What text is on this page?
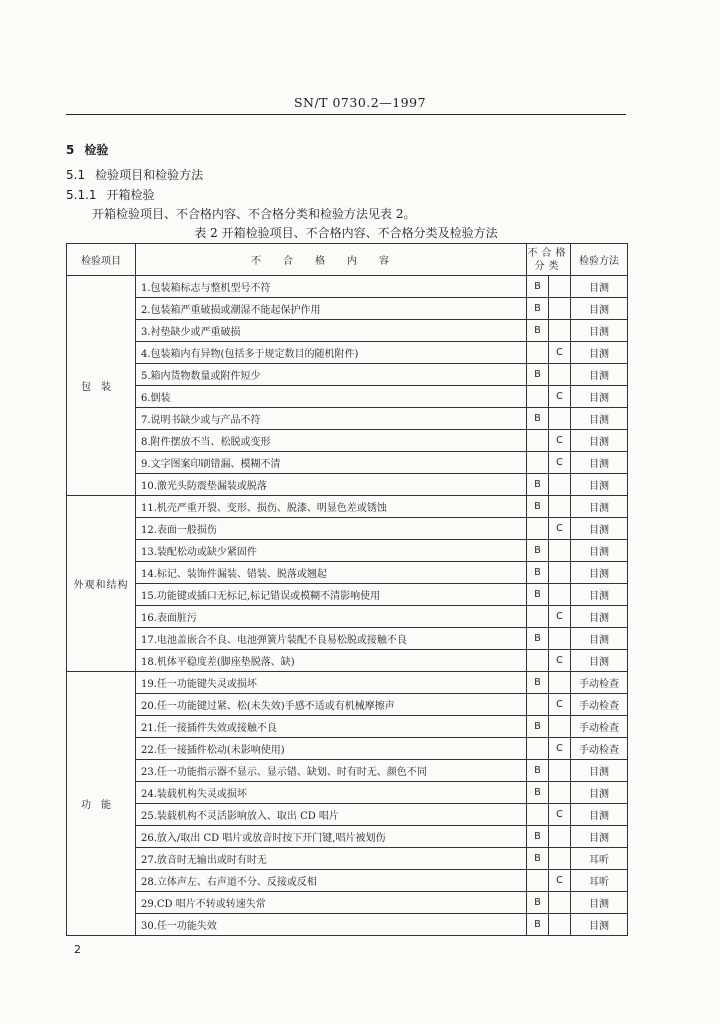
SN/T 0730.2—1997
5 检验
5.1 检验项目和检验方法
5.1.1 开箱检验
开箱检验项目、不合格内容、不合格分类和检验方法见表 2。
表 2 开箱检验项目、不合格内容、不合格分类及检验方法
检验项目	不合格内容	不合格分类		检验方法
包装	1.包装箱标志与整机型号不符	B		目测
	2.包装箱严重破损或潮湿不能起保护作用	B		目测
	3.衬垫缺少或严重破损	B		目测
	4.包装箱内有异物(包括多于规定数目的随机附件)		C	目测
	5.箱内货物数量或附件短少	B		目测
	6.倒装		C	目测
	7.说明书缺少或与产品不符	B		目测
	8.附件摆放不当、松脱或变形		C	目测
	9.文字图案印刷错漏、模糊不清		C	目测
	10.激光头防震垫漏装或脱落	B		目测
外观和结构	11.机壳严重开裂、变形、损伤、脱漆、明显色差或锈蚀	B		目测
	12.表面一般损伤		C	目测
	13.装配松动或缺少紧固件	B		目测
	14.标记、装饰件漏装、错装、脱落或翘起	B		目测
	15.功能键或插口无标记,标记错误或模糊不清影响使用	B		目测
	16.表面脏污		C	目测
	17.电池盖嵌合不良、电池弹簧片装配不良易松脱或接触不良	B		目测
	18.机体平稳度差(脚座垫脱落、缺)		C	目测
功能	19.任一功能键失灵或损坏	B		手动检查
	20.任一功能键过紧、松(未失效)手感不适或有机械摩擦声		C	手动检查
	21.任一接插件失效或接触不良	B		手动检查
	22.任一接插件松动(未影响使用)		C	手动检查
	23.任一功能指示器不显示、显示错、缺划、时有时无、颜色不同	B		目测
	24.装载机构失灵或损坏	B		目测
	25.装载机构不灵活影响放入、取出 CD 唱片		C	目测
	26.放入/取出 CD 唱片或放音时按下开门键,唱片被划伤	B		目测
	27.放音时无输出或时有时无	B		耳听
	28.立体声左、右声道不分、反接或反相		C	耳听
	29.CD 唱片不转或转速失常	B		目测
	30.任一功能失效	B		目测
2
